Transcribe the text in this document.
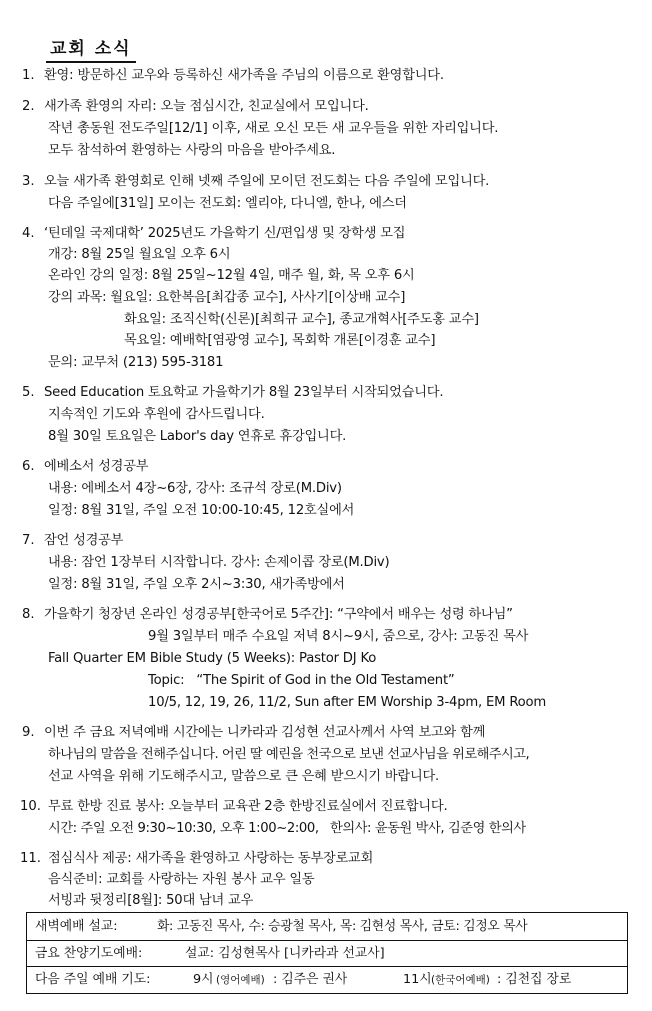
교회 소식
1. 환영: 방문하신 교우와 등록하신 새가족을 주님의 이름으로 환영합니다.
2. 새가족 환영의 자리: 오늘 점심시간, 친교실에서 모입니다.
작년 총동원 전도주일[12/1] 이후, 새로 오신 모든 새 교우들을 위한 자리입니다.
모두 참석하여 환영하는 사랑의 마음을 받아주세요.
3. 오늘 새가족 환영회로 인해 넷째 주일에 모이던 전도회는 다음 주일에 모입니다.
다음 주일에[31일] 모이는 전도회: 엘리야, 다니엘, 한나, 에스더
4. ‘틴데일 국제대학’ 2025년도 가을학기 신/편입생 및 장학생 모집
개강: 8월 25일 월요일 오후 6시
온라인 강의 일정: 8월 25일~12월 4일, 매주 월, 화, 목 오후 6시
강의 과목: 월요일: 요한복음[최갑종 교수], 사사기[이상배 교수]
화요일: 조직신학(신론)[최희규 교수], 종교개혁사[주도홍 교수]
목요일: 예배학[염광영 교수], 목회학 개론[이경훈 교수]
문의: 교무처 (213) 595-3181
5. Seed Education 토요학교 가을학기가 8월 23일부터 시작되었습니다.
지속적인 기도와 후원에 감사드립니다.
8월 30일 토요일은 Labor's day 연휴로 휴강입니다.
6. 에베소서 성경공부
내용: 에베소서 4장~6장, 강사: 조규석 장로(M.Div)
일정: 8월 31일, 주일 오전 10:00-10:45, 12호실에서
7. 잠언 성경공부
내용: 잠언 1장부터 시작합니다. 강사: 손제이콥 장로(M.Div)
일정: 8월 31일, 주일 오후 2시~3:30, 새가족방에서
8. 가을학기 청장년 온라인 성경공부[한국어로 5주간]: “구약에서 배우는 성령 하나님”
9월 3일부터 매주 수요일 저녁 8시~9시, 줌으로, 강사: 고동진 목사
Fall Quarter EM Bible Study (5 Weeks): Pastor DJ Ko
Topic:   “The Spirit of God in the Old Testament”
10/5, 12, 19, 26, 11/2, Sun after EM Worship 3-4pm, EM Room
9. 이번 주 금요 저녁예배 시간에는 니카라과 김성현 선교사께서 사역 보고와 함께
하나님의 말씀을 전해주십니다. 어린 딸 예린을 천국으로 보낸 선교사님을 위로해주시고,
선교 사역을 위해 기도해주시고, 말씀으로 큰 은혜 받으시기 바랍니다.
10. 무료 한방 진료 봉사: 오늘부터 교육관 2층 한방진료실에서 진료합니다.
시간: 주일 오전 9:30~10:30, 오후 1:00~2:00,   한의사: 윤동원 박사, 김준영 한의사
11. 점심식사 제공: 새가족을 환영하고 사랑하는 동부장로교회
음식준비: 교회를 사랑하는 자원 봉사 교우 일동
서빙과 뒷정리[8월]: 50대 남녀 교우
새벽예배 설교:	화: 고동진 목사, 수: 승광철 목사, 목: 김현성 목사, 금토: 김정오 목사
금요 찬양기도예배:	설교: 김성현목사 [니카라과 선교사]
다음 주일 예배 기도:	9시 (영어예배) : 김주은 권사	11시 (한국어예배) : 김천집 장로
